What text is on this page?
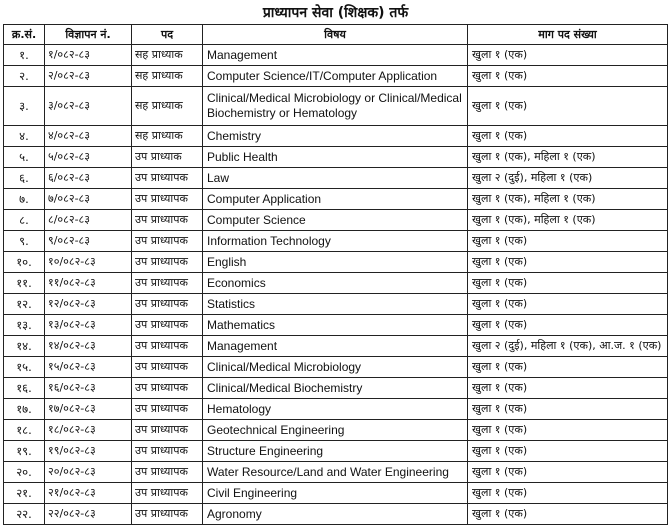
प्राध्यापन सेवा (शिक्षक) तर्फ
क्र.सं.	विज्ञापन नं.	पद	विषय	माग पद संख्या
१.	१/०८२-८३	सह प्राध्याक	Management	खुला १ (एक)
२.	२/०८२-८३	सह प्राध्याक	Computer Science/IT/Computer Application	खुला १ (एक)
३.	३/०८२-८३	सह प्राध्याक	Clinical/Medical Microbiology or Clinical/Medical Biochemistry or Hematology	खुला १ (एक)
४.	४/०८२-८३	सह प्राध्याक	Chemistry	खुला १ (एक)
५.	५/०८२-८३	उप प्राध्याक	Public Health	खुला १ (एक), महिला १ (एक)
६.	६/०८२-८३	उप प्राध्यापक	Law	खुला २ (दुई), महिला १ (एक)
७.	७/०८२-८३	उप प्राध्यापक	Computer Application	खुला १ (एक), महिला १ (एक)
८.	८/०८२-८३	उप प्राध्यापक	Computer Science	खुला १ (एक), महिला १ (एक)
९.	९/०८२-८३	उप प्राध्यापक	Information Technology	खुला १ (एक)
१०.	१०/०८२-८३	उप प्राध्यापक	English	खुला १ (एक)
११.	११/०८२-८३	उप प्राध्यापक	Economics	खुला १ (एक)
१२.	१२/०८२-८३	उप प्राध्यापक	Statistics	खुला १ (एक)
१३.	१३/०८२-८३	उप प्राध्यापक	Mathematics	खुला १ (एक)
१४.	१४/०८२-८३	उप प्राध्यापक	Management	खुला २ (दुई), महिला १ (एक), आ.ज. १ (एक)
१५.	१५/०८२-८३	उप प्राध्यापक	Clinical/Medical Microbiology	खुला १ (एक)
१६.	१६/०८२-८३	उप प्राध्यापक	Clinical/Medical Biochemistry	खुला १ (एक)
१७.	१७/०८२-८३	उप प्राध्यापक	Hematology	खुला १ (एक)
१८.	१८/०८२-८३	उप प्राध्यापक	Geotechnical Engineering	खुला १ (एक)
१९.	१९/०८२-८३	उप प्राध्यापक	Structure Engineering	खुला १ (एक)
२०.	२०/०८२-८३	उप प्राध्यापक	Water Resource/Land and Water Engineering	खुला १ (एक)
२१.	२१/०८२-८३	उप प्राध्यापक	Civil Engineering	खुला १ (एक)
२२.	२२/०८२-८३	उप प्राध्यापक	Agronomy	खुला १ (एक)
